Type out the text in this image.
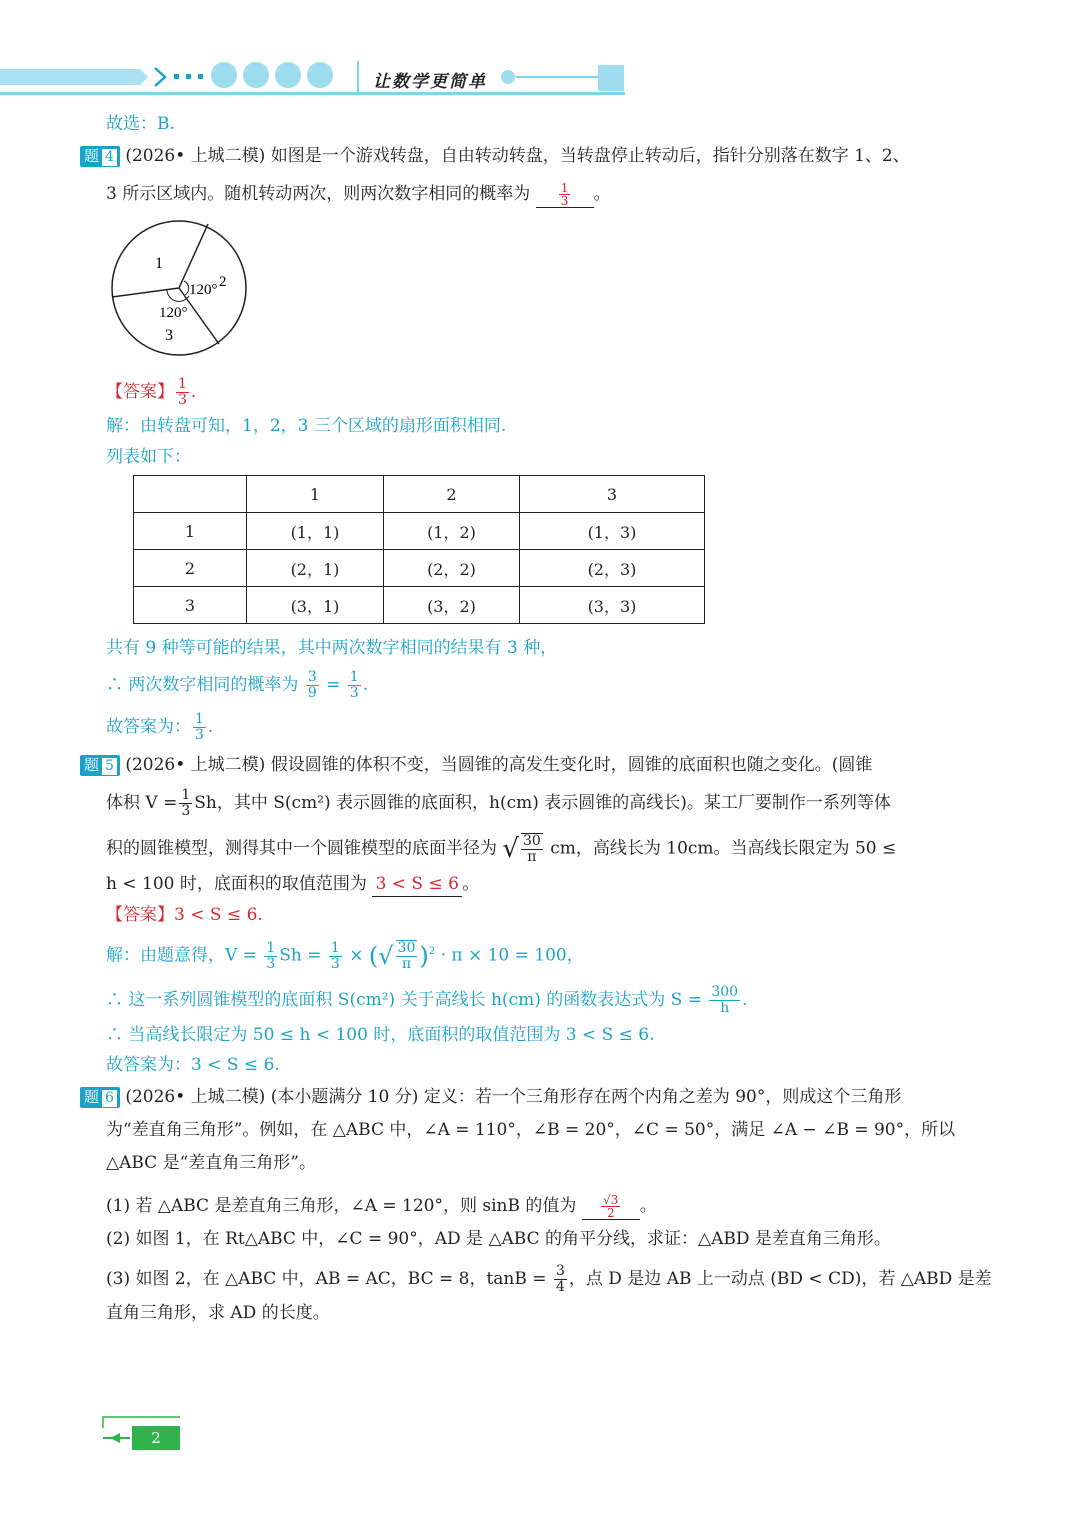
让数学更简单
故选：B.
题 4 (2026• 上城二模) 如图是一个游戏转盘，自由转动转盘，当转盘停止转动后，指针分别落在数字 1、2、
3 所示区域内。随机转动两次，则两次数字相同的概率为 $\frac{1}{3}$ 。
1
120° 2
120°
3
【答案】 $\frac{1}{3}$ .
解：由转盘可知，1，2，3 三个区域的扇形面积相同.
列表如下：
	1	2	3
1	(1，1)	(1，2)	(1，3)
2	(2，1)	(2，2)	(2，3)
3	(3，1)	(3，2)	(3，3)
共有 9 种等可能的结果，其中两次数字相同的结果有 3 种，
∴ 两次数字相同的概率为 $\frac{3}{9} = \frac{1}{3}$ .
故答案为： $\frac{1}{3}$ .
题 5 (2026• 上城二模) 假设圆锥的体积不变，当圆锥的高发生变化时，圆锥的底面积也随之变化。(圆锥
体积 $V = \frac{1}{3}$ Sh，其中 S(cm²) 表示圆锥的底面积，h(cm) 表示圆锥的高线长)。某工厂要制作一系列等体
积的圆锥模型，测得其中一个圆锥模型的底面半径为 √ $\frac{30}{\pi}$ cm，高线长为 10cm。当高线长限定为 50 ≤
h < 100 时，底面积的取值范围为 3 < S ≤ 6 。
【答案】3 < S ≤ 6.
解：由题意得，$V = \frac{1}{3}$ $Sh = \frac{1}{3}$ × (√ $\frac{30}{\pi} )^2 \cdot \pi \times 10 = 100$，
∴ 这一系列圆锥模型的底面积 S(cm²) 关于高线长 h(cm) 的函数表达式为 $S = \frac{300}{h}$ .
∴ 当高线长限定为 50 ≤ h < 100 时，底面积的取值范围为 3 < S ≤ 6.
故答案为：3 < S ≤ 6.
题 6 (2026• 上城二模) (本小题满分 10 分) 定义：若一个三角形存在两个内角之差为 90°，则成这个三角形
为“差直角三角形”。例如，在 △ABC 中，∠A = 110°，∠B = 20°，∠C = 50°，满足 ∠A − ∠B = 90°，所以
△ABC 是“差直角三角形”。
(1) 若 △ABC 是差直角三角形，∠A = 120°，则 sinB 的值为 $\frac{√3}{2}$ 。
(2) 如图 1，在 Rt△ABC 中，∠C = 90°，AD 是 △ABC 的角平分线，求证：△ABD 是差直角三角形。
(3) 如图 2，在 △ABC 中，AB = AC，BC = 8，$\tan B = \frac{3}{4}$ ，点 D 是边 AB 上一动点 (BD < CD)，若 △ABD 是差
直角三角形，求 AD 的长度。
2
